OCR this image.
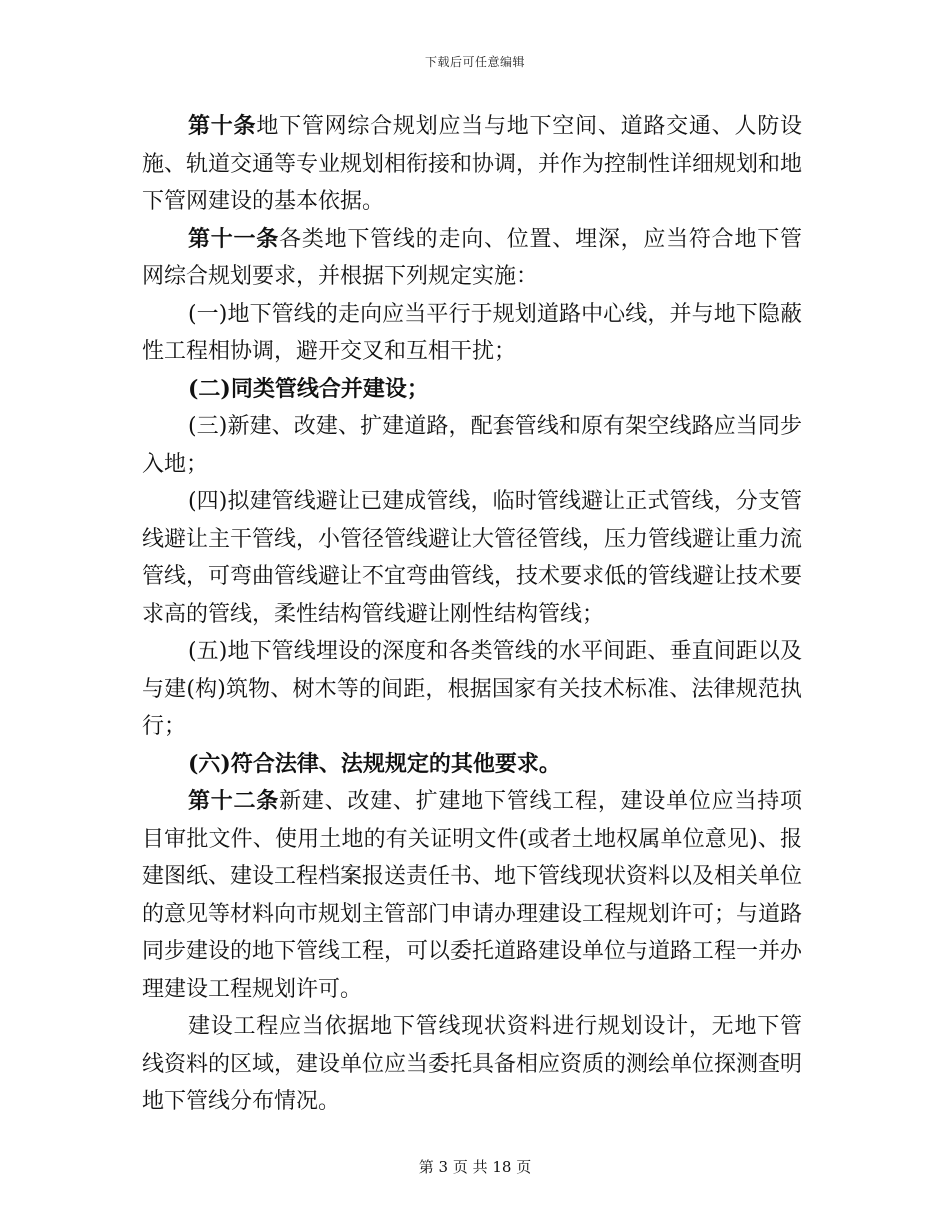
下载后可任意编辑

第十条地下管网综合规划应当与地下空间、道路交通、人防设施、轨道交通等专业规划相衔接和协调，并作为控制性详细规划和地下管网建设的基本依据。

第十一条各类地下管线的走向、位置、埋深，应当符合地下管网综合规划要求，并根据下列规定实施：

(一)地下管线的走向应当平行于规划道路中心线，并与地下隐蔽性工程相协调，避开交叉和互相干扰；

(二)同类管线合并建设；

(三)新建、改建、扩建道路，配套管线和原有架空线路应当同步入地；

(四)拟建管线避让已建成管线，临时管线避让正式管线，分支管线避让主干管线，小管径管线避让大管径管线，压力管线避让重力流管线，可弯曲管线避让不宜弯曲管线，技术要求低的管线避让技术要求高的管线，柔性结构管线避让刚性结构管线；

(五)地下管线埋设的深度和各类管线的水平间距、垂直间距以及与建(构)筑物、树木等的间距，根据国家有关技术标准、法律规范执行；

(六)符合法律、法规规定的其他要求。

第十二条新建、改建、扩建地下管线工程，建设单位应当持项目审批文件、使用土地的有关证明文件(或者土地权属单位意见)、报建图纸、建设工程档案报送责任书、地下管线现状资料以及相关单位的意见等材料向市规划主管部门申请办理建设工程规划许可；与道路同步建设的地下管线工程，可以委托道路建设单位与道路工程一并办理建设工程规划许可。

建设工程应当依据地下管线现状资料进行规划设计，无地下管线资料的区域，建设单位应当委托具备相应资质的测绘单位探测查明地下管线分布情况。

第 3 页 共 18 页
